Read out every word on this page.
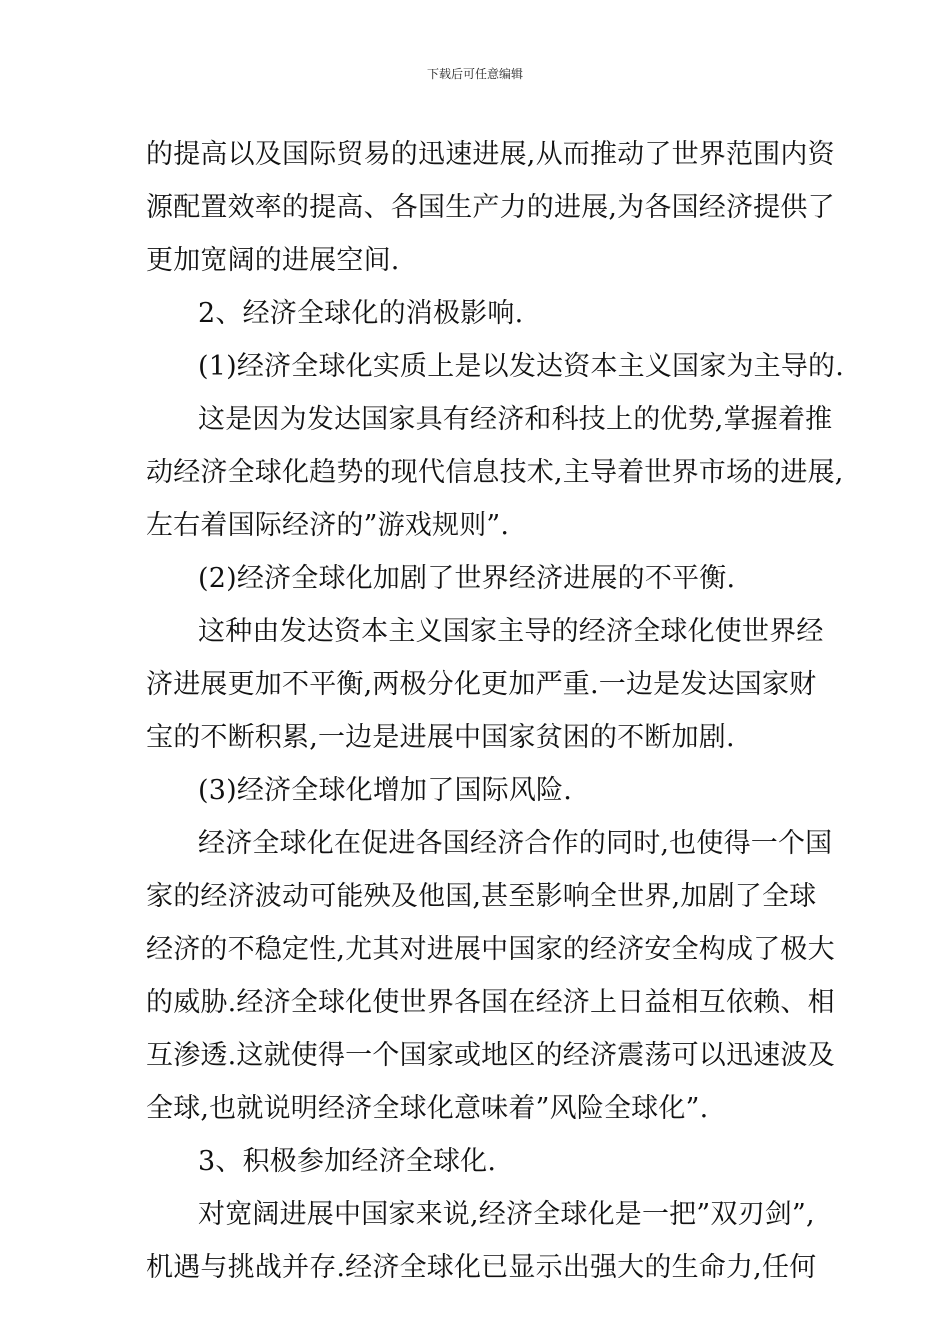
下载后可任意编辑
的提高以及国际贸易的迅速进展,从而推动了世界范围内资
源配置效率的提高、各国生产力的进展,为各国经济提供了
更加宽阔的进展空间.
2、经济全球化的消极影响.
(1)经济全球化实质上是以发达资本主义国家为主导的.
这是因为发达国家具有经济和科技上的优势,掌握着推
动经济全球化趋势的现代信息技术,主导着世界市场的进展,
左右着国际经济的”游戏规则”.
(2)经济全球化加剧了世界经济进展的不平衡.
这种由发达资本主义国家主导的经济全球化使世界经
济进展更加不平衡,两极分化更加严重.一边是发达国家财
宝的不断积累,一边是进展中国家贫困的不断加剧.
(3)经济全球化增加了国际风险.
经济全球化在促进各国经济合作的同时,也使得一个国
家的经济波动可能殃及他国,甚至影响全世界,加剧了全球
经济的不稳定性,尤其对进展中国家的经济安全构成了极大
的威胁.经济全球化使世界各国在经济上日益相互依赖、相
互渗透.这就使得一个国家或地区的经济震荡可以迅速波及
全球,也就说明经济全球化意味着”风险全球化”.
3、积极参加经济全球化.
对宽阔进展中国家来说,经济全球化是一把”双刃剑”,
机遇与挑战并存.经济全球化已显示出强大的生命力,任何
